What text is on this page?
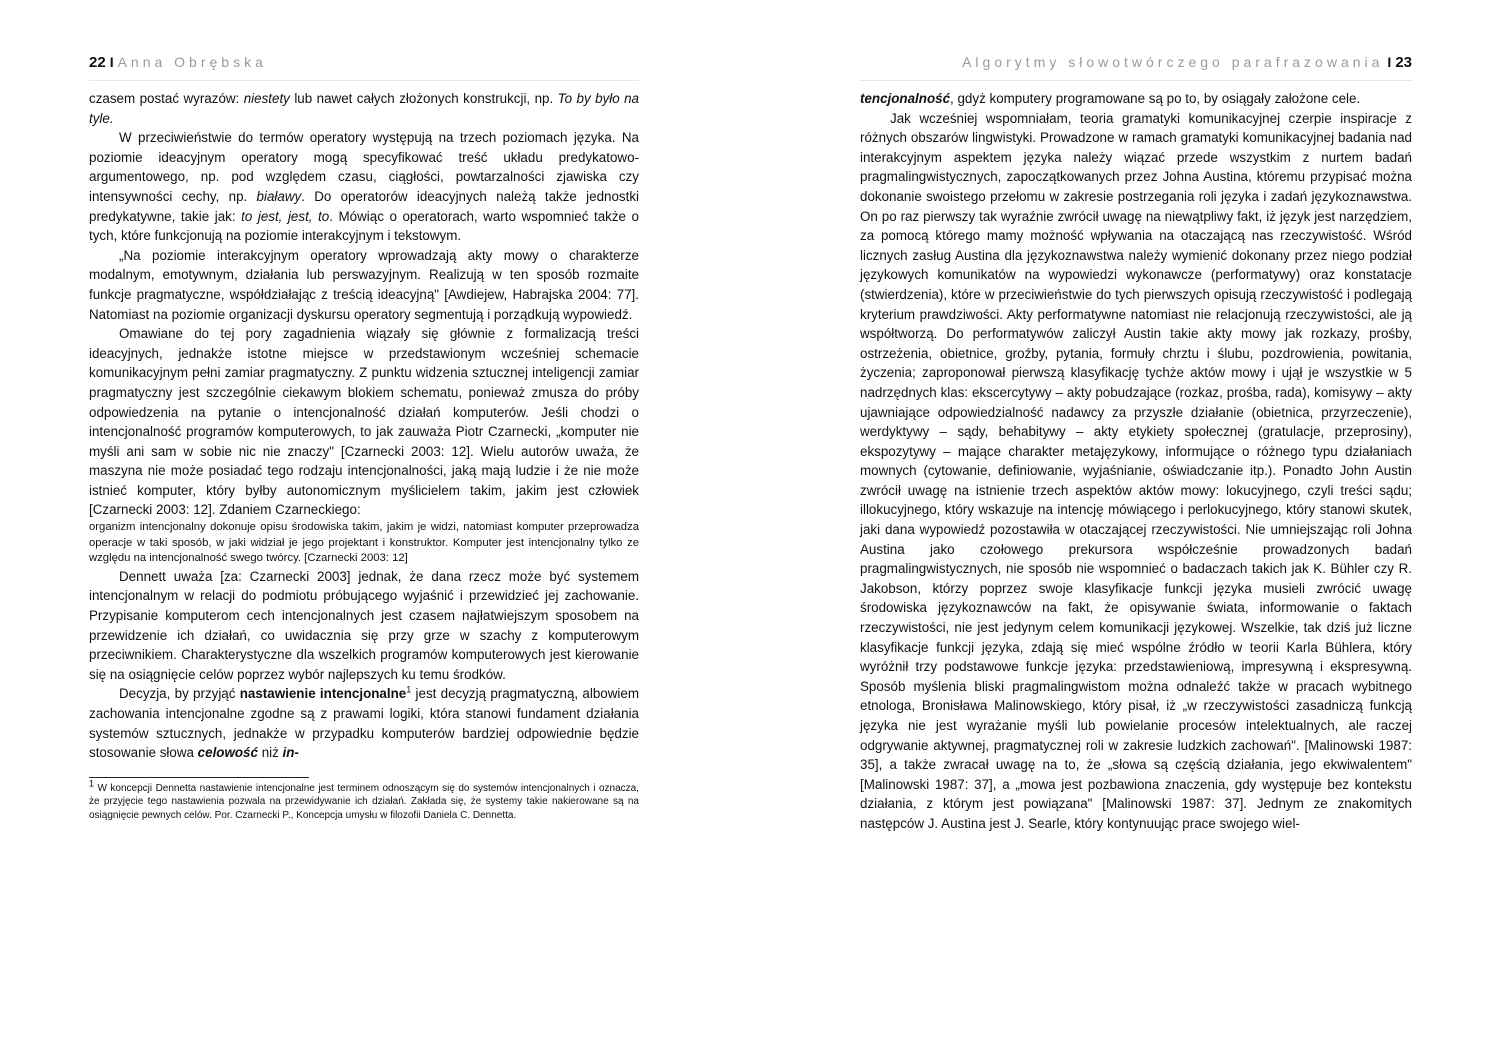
22 I Anna Obrębska

czasem postać wyrazów: niestety lub nawet całych złożonych konstrukcji, np. To by było na tyle.

W przeciwieństwie do termów operatory występują na trzech poziomach języka. Na poziomie ideacyjnym operatory mogą specyfikować treść układu predykatowo-argumentowego, np. pod względem czasu, ciągłości, powtarzalności zjawiska czy intensywności cechy, np. białawy. Do operatorów ideacyjnych należą także jednostki predykatywne, takie jak: to jest, jest, to. Mówiąc o operatorach, warto wspomnieć także o tych, które funkcjonują na poziomie interakcyjnym i tekstowym.

„Na poziomie interakcyjnym operatory wprowadzają akty mowy o charakterze modalnym, emotywnym, działania lub perswazyjnym. Realizują w ten sposób rozmaite funkcje pragmatyczne, współdziałając z treścią ideacyjną" [Awdiejew, Habrajska 2004: 77]. Natomiast na poziomie organizacji dyskursu operatory segmentują i porządkują wypowiedź.

Omawiane do tej pory zagadnienia wiązały się głównie z formalizacją treści ideacyjnych, jednakże istotne miejsce w przedstawionym wcześniej schemacie komunikacyjnym pełni zamiar pragmatyczny. Z punktu widzenia sztucznej inteligencji zamiar pragmatyczny jest szczególnie ciekawym blokiem schematu, ponieważ zmusza do próby odpowiedzenia na pytanie o intencjonalność działań komputerów. Jeśli chodzi o intencjonalność programów komputerowych, to jak zauważa Piotr Czarnecki, „komputer nie myśli ani sam w sobie nic nie znaczy" [Czarnecki 2003: 12]. Wielu autorów uważa, że maszyna nie może posiadać tego rodzaju intencjonalności, jaką mają ludzie i że nie może istnieć komputer, który byłby autonomicznym myślicielem takim, jakim jest człowiek [Czarnecki 2003: 12]. Zdaniem Czarneckiego:

organizm intencjonalny dokonuje opisu środowiska takim, jakim je widzi, natomiast komputer przeprowadza operacje w taki sposób, w jaki widział je jego projektant i konstruktor. Komputer jest intencjonalny tylko ze względu na intencjonalność swego twórcy. [Czarnecki 2003: 12]

Dennett uważa [za: Czarnecki 2003] jednak, że dana rzecz może być systemem intencjonalnym w relacji do podmiotu próbującego wyjaśnić i przewidzieć jej zachowanie. Przypisanie komputerom cech intencjonalnych jest czasem najłatwiejszym sposobem na przewidzenie ich działań, co uwidacznia się przy grze w szachy z komputerowym przeciwnikiem. Charakterystyczne dla wszelkich programów komputerowych jest kierowanie się na osiągnięcie celów poprzez wybór najlepszych ku temu środków.

Decyzja, by przyjąć nastawienie intencjonalne$^1$ jest decyzją pragmatyczną, albowiem zachowania intencjonalne zgodne są z prawami logiki, która stanowi fundament działania systemów sztucznych, jednakże w przypadku komputerów bardziej odpowiednie będzie stosowanie słowa celowość niż in-

$^1$ W koncepcji Dennetta nastawienie intencjonalne jest terminem odnoszącym się do systemów intencjonalnych i oznacza, że przyjęcie tego nastawienia pozwala na przewidywanie ich działań. Zakłada się, że systemy takie nakierowane są na osiągnięcie pewnych celów. Por. Czarnecki P., Koncepcja umysłu w filozofii Daniela C. Dennetta.
Algorytmy słowotwórczego parafrazowania I 23

tencjonalność, gdyż komputery programowane są po to, by osiągały założone cele.

Jak wcześniej wspomniałam, teoria gramatyki komunikacyjnej czerpie inspiracje z różnych obszarów lingwistyki. Prowadzone w ramach gramatyki komunikacyjnej badania nad interakcyjnym aspektem języka należy wiązać przede wszystkim z nurtem badań pragmalingwistycznych, zapoczątkowanych przez Johna Austina, któremu przypisać można dokonanie swoistego przełomu w zakresie postrzegania roli języka i zadań językoznawstwa. On po raz pierwszy tak wyraźnie zwrócił uwagę na niewątpliwy fakt, iż język jest narzędziem, za pomocą którego mamy możność wpływania na otaczającą nas rzeczywistość. Wśród licznych zasług Austina dla językoznawstwa należy wymienić dokonany przez niego podział językowych komunikatów na wypowiedzi wykonawcze (performatywy) oraz konstatacje (stwierdzenia), które w przeciwieństwie do tych pierwszych opisują rzeczywistość i podlegają kryterium prawdziwości. Akty performatywne natomiast nie relacjonują rzeczywistości, ale ją współtworzą. Do performatywów zaliczył Austin takie akty mowy jak rozkazy, prośby, ostrzeżenia, obietnice, groźby, pytania, formuły chrztu i ślubu, pozdrowienia, powitania, życzenia; zaproponował pierwszą klasyfikację tychże aktów mowy i ujął je wszystkie w 5 nadrzędnych klas: ekscercytywy – akty pobudzające (rozkaz, prośba, rada), komisywy – akty ujawniające odpowiedzialność nadawcy za przyszłe działanie (obietnica, przyrzeczenie), werdyktywy – sądy, behabitywy – akty etykiety społecznej (gratulacje, przeprosiny), ekspozytywy – mające charakter metajęzykowy, informujące o różnego typu działaniach mownych (cytowanie, definiowanie, wyjaśnianie, oświadczanie itp.). Ponadto John Austin zwrócił uwagę na istnienie trzech aspektów aktów mowy: lokucyjnego, czyli treści sądu; illokucyjnego, który wskazuje na intencję mówiącego i perlokucyjnego, który stanowi skutek, jaki dana wypowiedź pozostawiła w otaczającej rzeczywistości. Nie umniejszając roli Johna Austina jako czołowego prekursora współcześnie prowadzonych badań pragmalingwistycznych, nie sposób nie wspomnieć o badaczach takich jak K. Bühler czy R. Jakobson, którzy poprzez swoje klasyfikacje funkcji języka musieli zwrócić uwagę środowiska językoznawców na fakt, że opisywanie świata, informowanie o faktach rzeczywistości, nie jest jedynym celem komunikacji językowej. Wszelkie, tak dziś już liczne klasyfikacje funkcji języka, zdają się mieć wspólne źródło w teorii Karla Bühlera, który wyróżnił trzy podstawowe funkcje języka: przedstawieniową, impresywną i ekspresywną. Sposób myślenia bliski pragmalingwistom można odnaleźć także w pracach wybitnego etnologa, Bronisława Malinowskiego, który pisał, iż „w rzeczywistości zasadniczą funkcją języka nie jest wyrażanie myśli lub powielanie procesów intelektualnych, ale raczej odgrywanie aktywnej, pragmatycznej roli w zakresie ludzkich zachowań". [Malinowski 1987: 35], a także zwracał uwagę na to, że „słowa są częścią działania, jego ekwiwalentem" [Malinowski 1987: 37], a „mowa jest pozbawiona znaczenia, gdy występuje bez kontekstu działania, z którym jest powiązana" [Malinowski 1987: 37]. Jednym ze znakomitych następców J. Austina jest J. Searle, który kontynuując prace swojego wiel-
